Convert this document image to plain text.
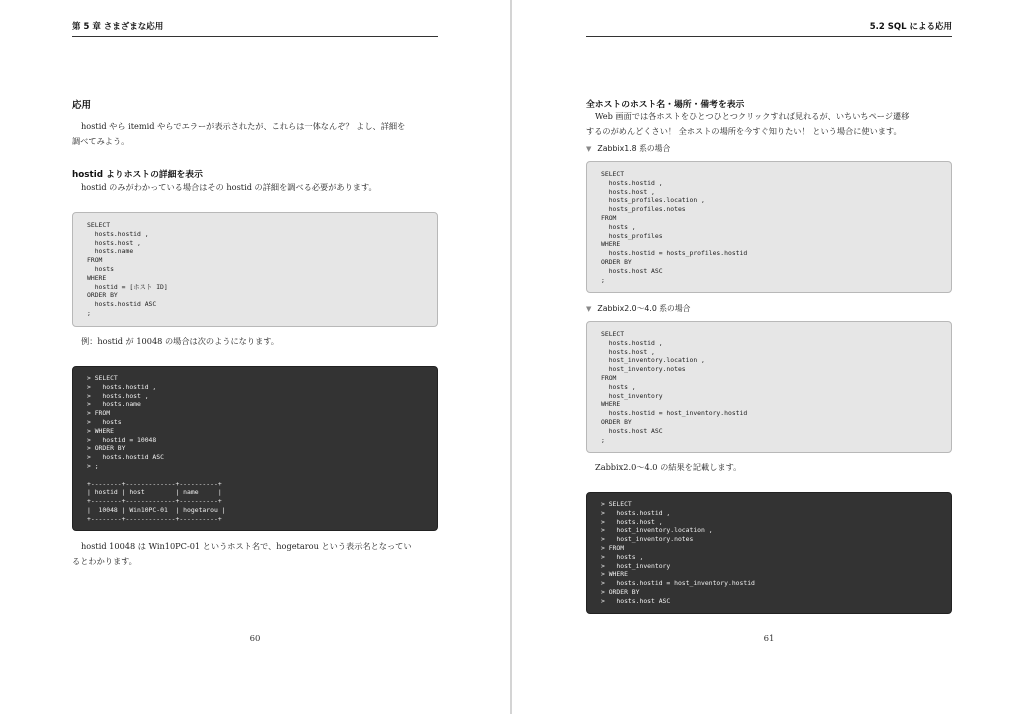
第 5 章 さまざまな応用
応用
hostid やら itemid やらでエラーが表示されたが、これらは一体なんぞ？ よし、詳細を
調べてみよう。
hostid よりホストの詳細を表示
hostid のみがわかっている場合はその hostid の詳細を調べる必要があります。
SELECT
hosts.hostid ,
hosts.host ,
hosts.name
FROM
hosts
WHERE
hostid = [ホスト ID]
ORDER BY
hosts.hostid ASC
;
例：hostid が 10048 の場合は次のようになります。
> SELECT
>   hosts.hostid ,
>   hosts.host ,
>   hosts.name
> FROM
>   hosts
> WHERE
>   hostid = 10048
> ORDER BY
>   hosts.hostid ASC
> ;

+--------+-------------+----------+
| hostid | host        | name     |
+--------+-------------+----------+
|  10048 | Win10PC-01  | hogetarou |
+--------+-------------+----------+
hostid 10048 は Win10PC-01 というホスト名で、hogetarou という表示名となってい
るとわかります。
60
5.2 SQL による応用
全ホストのホスト名・場所・備考を表示
Web 画面では各ホストをひとつひとつクリックすれば見れるが、いちいちページ遷移
するのがめんどくさい！ 全ホストの場所を今すぐ知りたい！ という場合に使います。
▼ Zabbix1.8 系の場合
SELECT
hosts.hostid ,
hosts.host ,
hosts_profiles.location ,
hosts_profiles.notes
FROM
hosts ,
hosts_profiles
WHERE
hosts.hostid = hosts_profiles.hostid
ORDER BY
hosts.host ASC
;
▼ Zabbix2.0～4.0 系の場合
SELECT
hosts.hostid ,
hosts.host ,
host_inventory.location ,
host_inventory.notes
FROM
hosts ,
host_inventory
WHERE
hosts.hostid = host_inventory.hostid
ORDER BY
hosts.host ASC
;
Zabbix2.0～4.0 の結果を記載します。
> SELECT
>   hosts.hostid ,
>   hosts.host ,
>   host_inventory.location ,
>   host_inventory.notes
> FROM
>   hosts ,
>   host_inventory
> WHERE
>   hosts.hostid = host_inventory.hostid
> ORDER BY
>   hosts.host ASC
61
